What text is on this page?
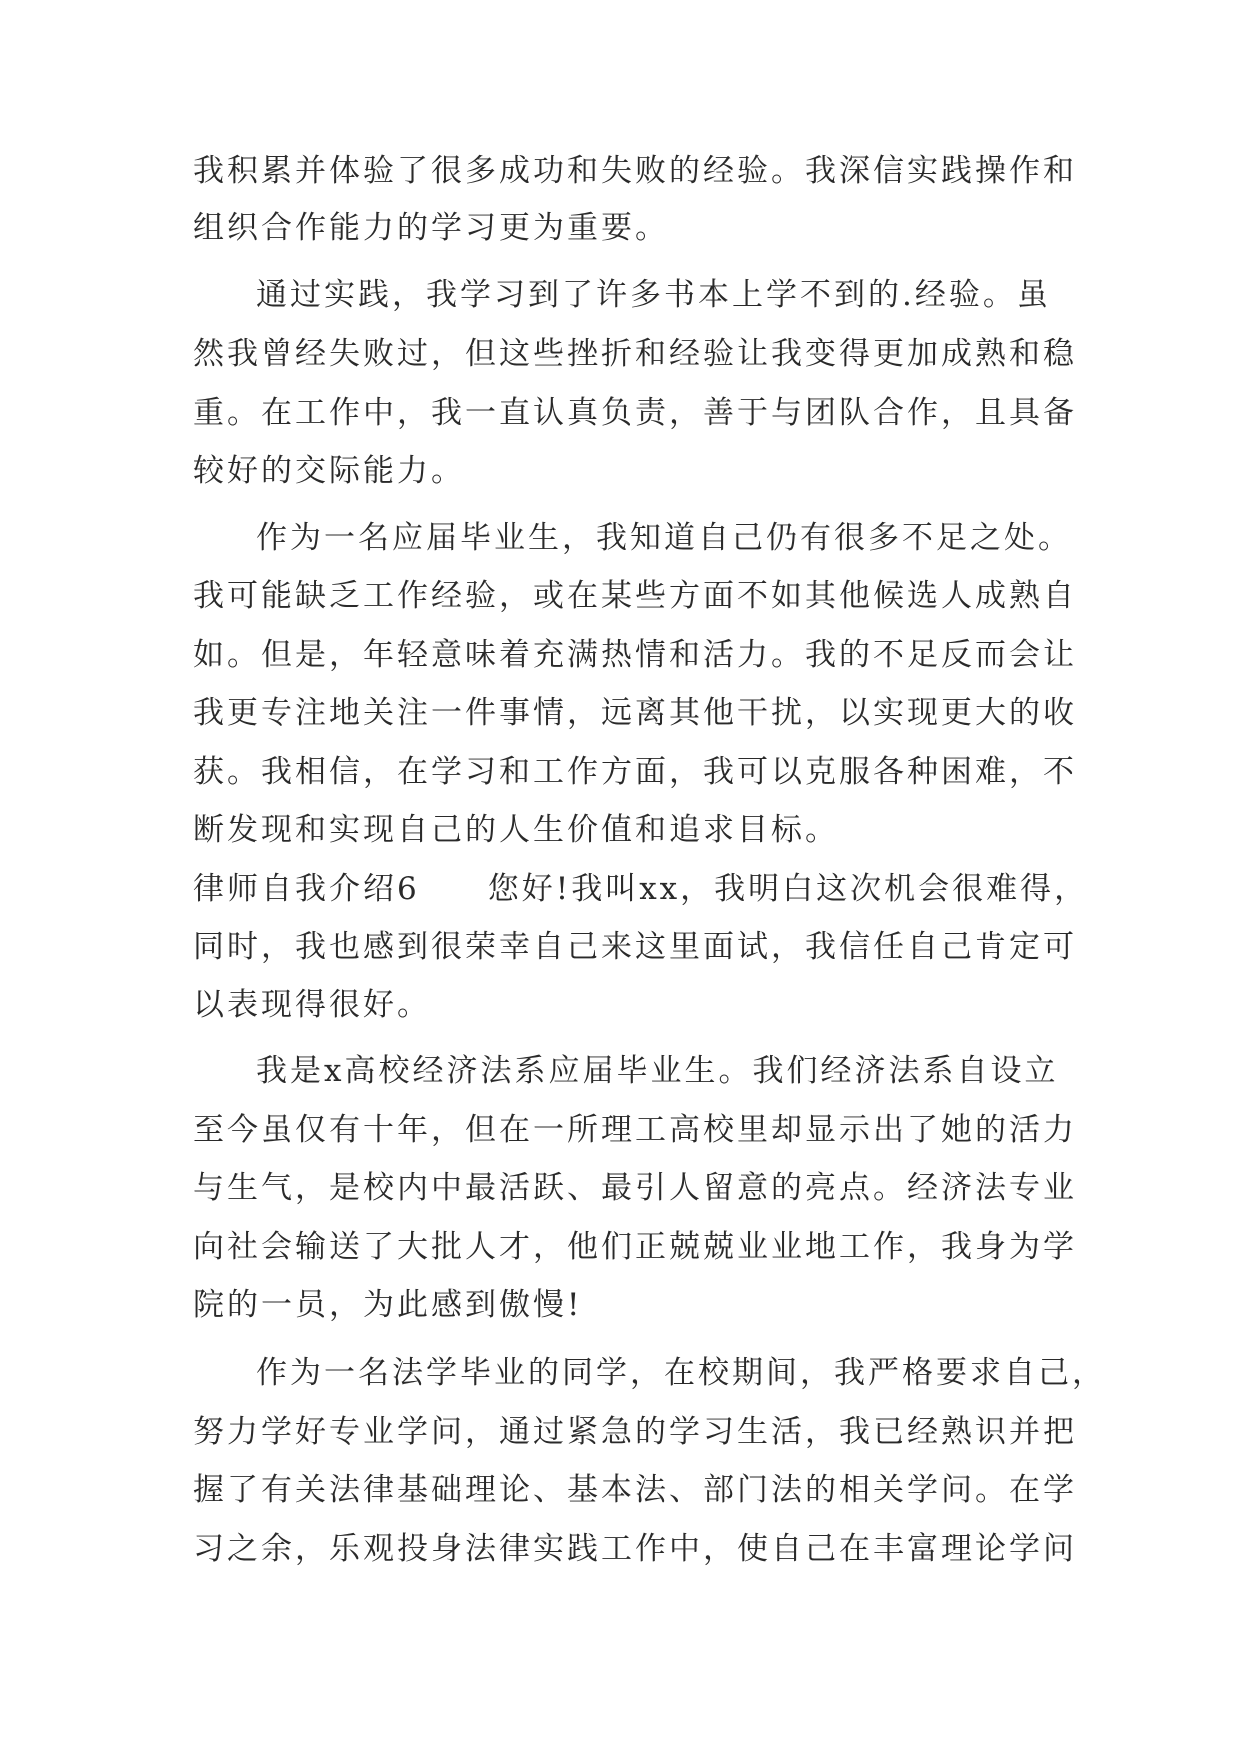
我积累并体验了很多成功和失败的经验。我深信实践操作和
组织合作能力的学习更为重要。
通过实践，我学习到了许多书本上学不到的.经验。虽
然我曾经失败过，但这些挫折和经验让我变得更加成熟和稳
重。在工作中，我一直认真负责，善于与团队合作，且具备
较好的交际能力。
作为一名应届毕业生，我知道自己仍有很多不足之处。
我可能缺乏工作经验，或在某些方面不如其他候选人成熟自
如。但是，年轻意味着充满热情和活力。我的不足反而会让
我更专注地关注一件事情，远离其他干扰，以实现更大的收
获。我相信，在学习和工作方面，我可以克服各种困难，不
断发现和实现自己的人生价值和追求目标。
律师自我介绍6 您好!我叫xx，我明白这次机会很难得，
同时，我也感到很荣幸自己来这里面试，我信任自己肯定可
以表现得很好。
我是x高校经济法系应届毕业生。我们经济法系自设立
至今虽仅有十年，但在一所理工高校里却显示出了她的活力
与生气，是校内中最活跃、最引人留意的亮点。经济法专业
向社会输送了大批人才，他们正兢兢业业地工作，我身为学
院的一员，为此感到傲慢!
作为一名法学毕业的同学，在校期间，我严格要求自己，
努力学好专业学问，通过紧急的学习生活，我已经熟识并把
握了有关法律基础理论、基本法、部门法的相关学问。在学
习之余，乐观投身法律实践工作中，使自己在丰富理论学问
